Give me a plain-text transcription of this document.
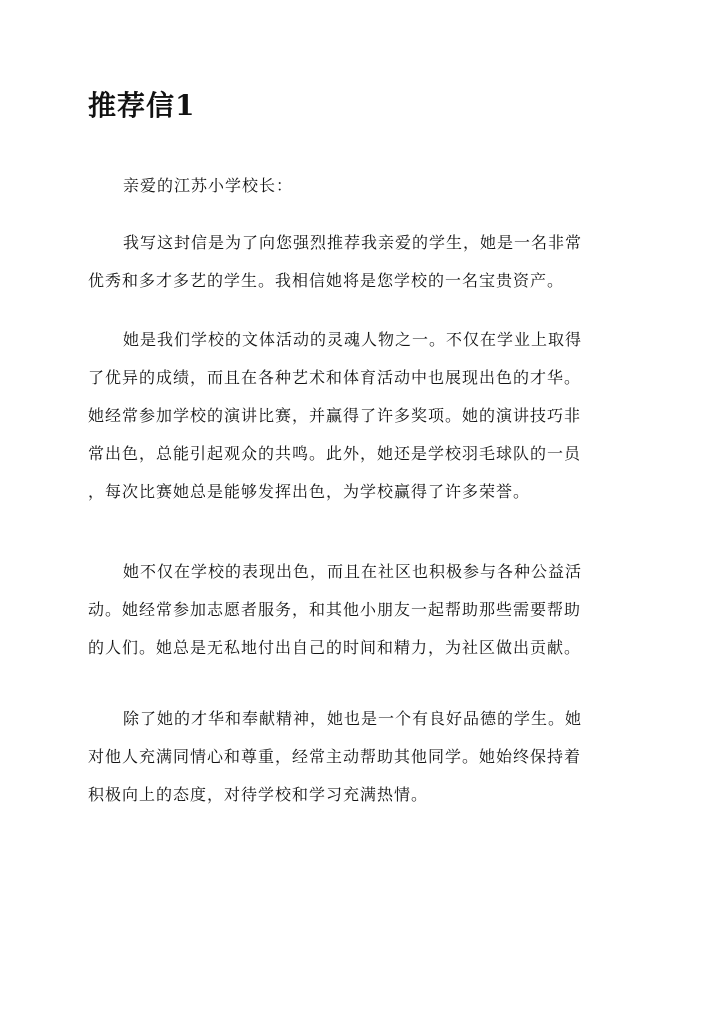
推荐信1

亲爱的江苏小学校长：

我写这封信是为了向您强烈推荐我亲爱的学生，她是一名非常
优秀和多才多艺的学生。我相信她将是您学校的一名宝贵资产。
她是我们学校的文体活动的灵魂人物之一。不仅在学业上取得
了优异的成绩，而且在各种艺术和体育活动中也展现出色的才华。
她经常参加学校的演讲比赛，并赢得了许多奖项。她的演讲技巧非
常出色，总能引起观众的共鸣。此外，她还是学校羽毛球队的一员
，每次比赛她总是能够发挥出色，为学校赢得了许多荣誉。
她不仅在学校的表现出色，而且在社区也积极参与各种公益活
动。她经常参加志愿者服务，和其他小朋友一起帮助那些需要帮助
的人们。她总是无私地付出自己的时间和精力，为社区做出贡献。
除了她的才华和奉献精神，她也是一个有良好品德的学生。她
对他人充满同情心和尊重，经常主动帮助其他同学。她始终保持着
积极向上的态度，对待学校和学习充满热情。
